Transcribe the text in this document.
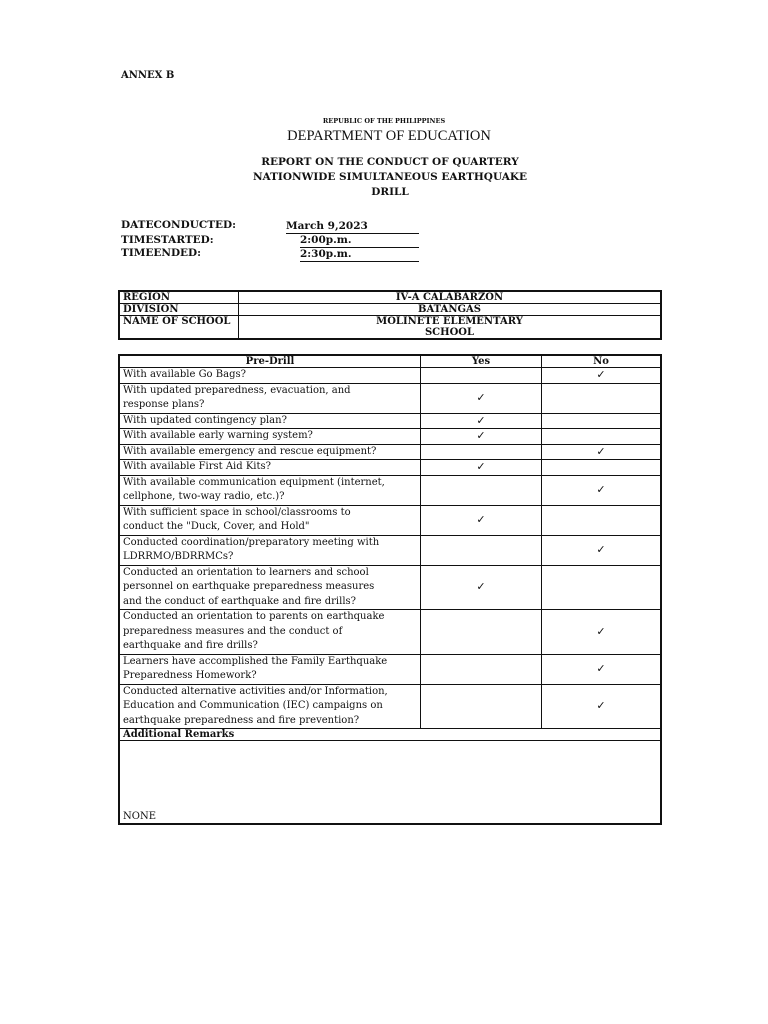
ANNEX B
REPUBLIC OF THE PHILIPPINES
DEPARTMENT OF EDUCATION
REPORT ON THE CONDUCT OF QUARTERY
NATIONWIDE SIMULTANEOUS EARTHQUAKE
DRILL
DATECONDUCTED:	March 9,2023
TIMESTARTED:	2:00p.m.
TIMEENDED:	2:30p.m.
REGION	IV-A CALABARZON
DIVISION	BATANGAS
NAME OF SCHOOL	MOLINETE ELEMENTARY
SCHOOL
Pre-Drill	Yes	No

With available Go Bags?		✓

With updated preparedness, evacuation, and
response plans?	✓	

With updated contingency plan?	✓	

With available early warning system?	✓	

With available emergency and rescue equipment?		✓

With available First Aid Kits?	✓	

With available communication equipment (internet,
cellphone, two-way radio, etc.)?		✓

With sufficient space in school/classrooms to
conduct the "Duck, Cover, and Hold"	✓	

Conducted coordination/preparatory meeting with
LDRRMO/BDRRMCs?		✓

Conducted an orientation to learners and school
personnel on earthquake preparedness measures
and the conduct of earthquake and fire drills?	✓	

Conducted an orientation to parents on earthquake
preparedness measures and the conduct of
earthquake and fire drills?		✓

Learners have accomplished the Family Earthquake
Preparedness Homework?		✓

Conducted alternative activities and/or Information,
Education and Communication (IEC) campaigns on
earthquake preparedness and fire prevention?		✓
Additional Remarks		
NONE		
